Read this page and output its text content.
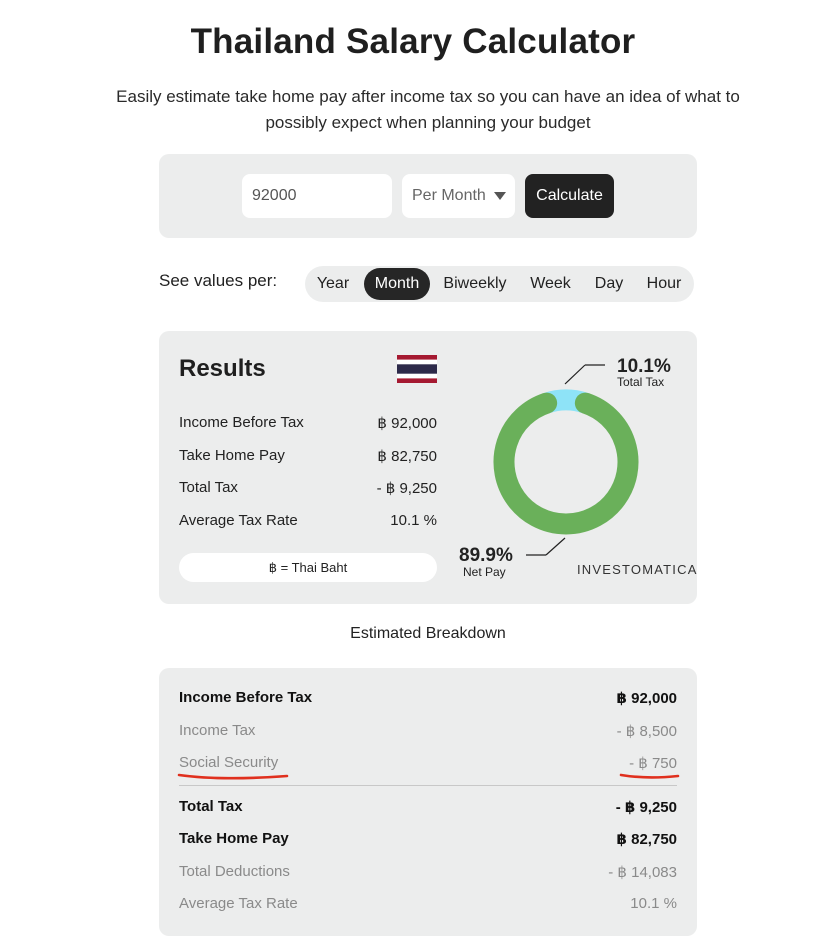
Thailand Salary Calculator
Easily estimate take home pay after income tax so you can have an idea of what to possibly expect when planning your budget
92000
Per Month	Calculate
See values per:	Year	Month	Biweekly	Week	Day	Hour
Results
Income Before Tax	฿ 92,000
Take Home Pay	฿ 82,750
Total Tax	- ฿ 9,250
Average Tax Rate	10.1 %
฿ = Thai Baht
10.1%
Total Tax
89.9%
Net Pay	INVESTOMATICA
Estimated Breakdown
Income Before Tax	฿ 92,000
Income Tax	- ฿ 8,500
Social Security	- ฿ 750
Total Tax	- ฿ 9,250
Take Home Pay	฿ 82,750
Total Deductions	- ฿ 14,083
Average Tax Rate	10.1 %
